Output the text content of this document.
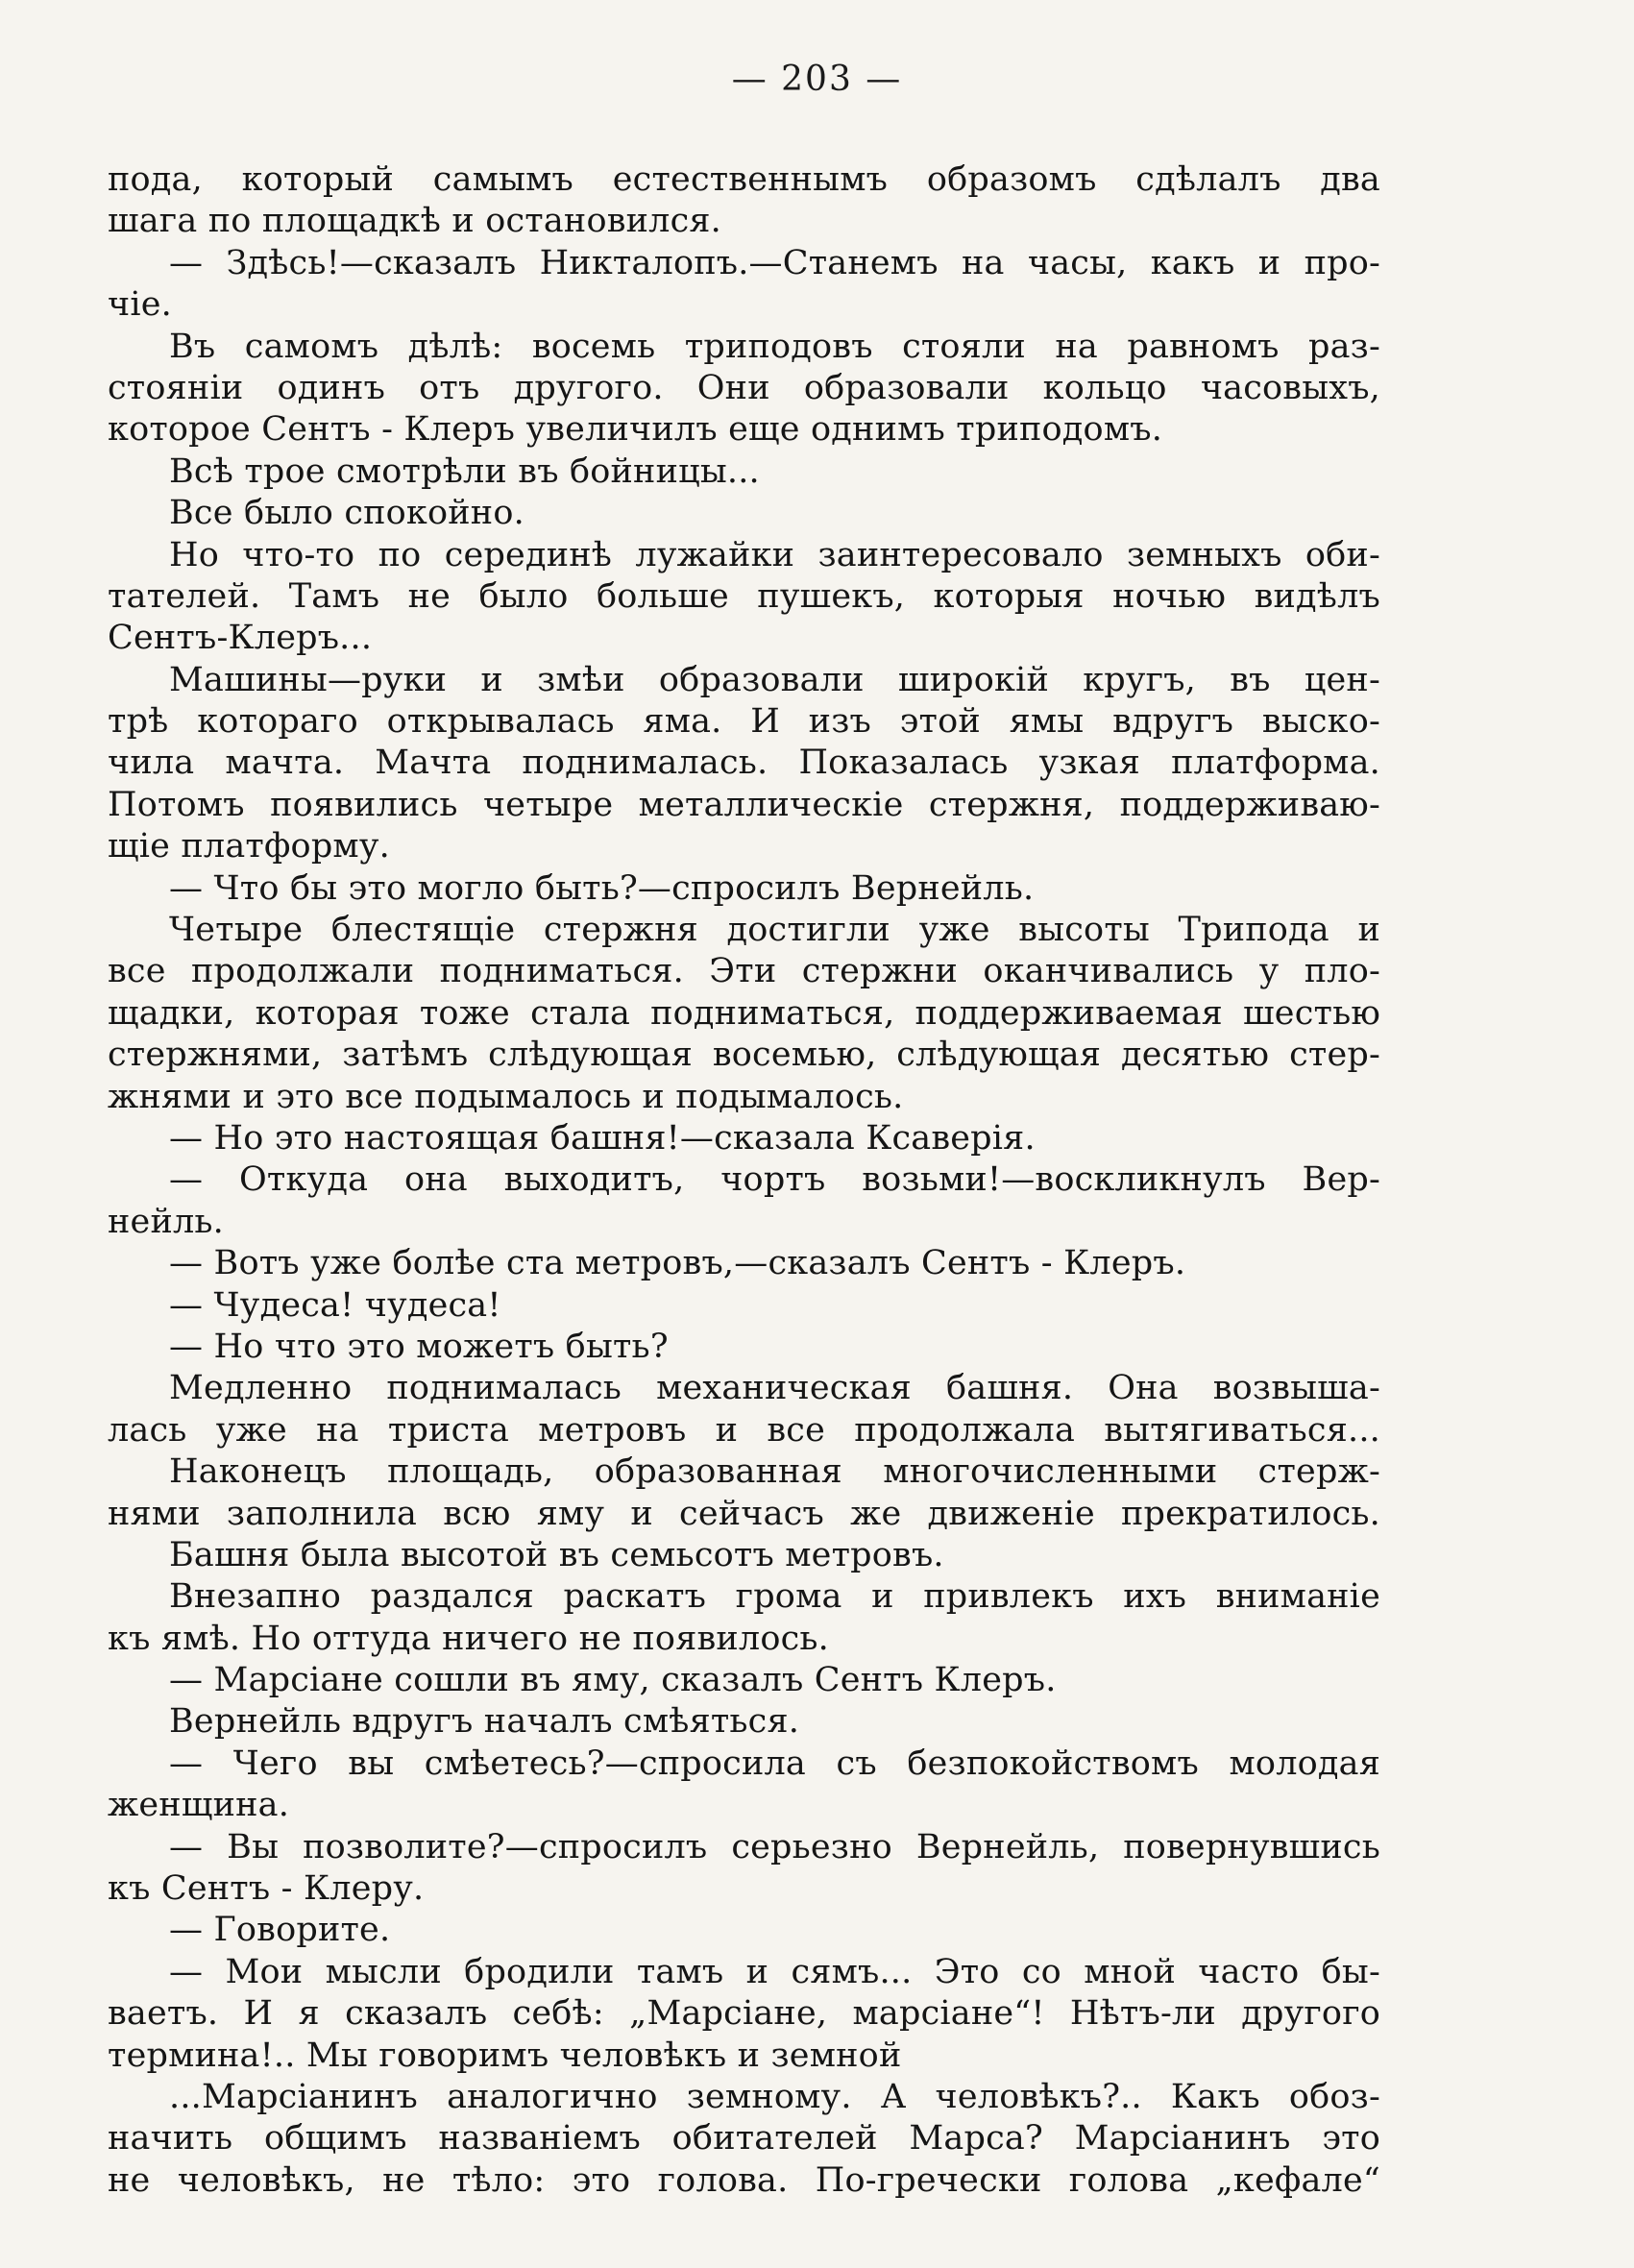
— 203 —
пода, который самымъ естественнымъ образомъ сдѣлалъ два
шага по площадкѣ и остановился.
— Здѣсь!—сказалъ Никталопъ.—Станемъ на часы, какъ и про-
чіе.
Въ самомъ дѣлѣ: восемь триподовъ стояли на равномъ раз-
стояніи одинъ отъ другого. Они образовали кольцо часовыхъ,
которое Сентъ - Клеръ увеличилъ еще однимъ триподомъ.
Всѣ трое смотрѣли въ бойницы...
Все было спокойно.
Но что-то по серединѣ лужайки заинтересовало земныхъ оби-
тателей. Тамъ не было больше пушекъ, которыя ночью видѣлъ
Сентъ-Клеръ...
Машины—руки и змѣи образовали широкій кругъ, въ цен-
трѣ котораго открывалась яма. И изъ этой ямы вдругъ выско-
чила мачта. Мачта поднималась. Показалась узкая платформа.
Потомъ появились четыре металлическіе стержня, поддерживаю-
щіе платформу.
— Что бы это могло быть?—спросилъ Вернейль.
Четыре блестящіе стержня достигли уже высоты Трипода и
все продолжали подниматься. Эти стержни оканчивались у пло-
щадки, которая тоже стала подниматься, поддерживаемая шестью
стержнями, затѣмъ слѣдующая восемью, слѣдующая десятью стер-
жнями и это все подымалось и подымалось.
— Но это настоящая башня!—сказала Ксаверія.
— Откуда она выходитъ, чортъ возьми!—воскликнулъ Вер-
нейль.
— Вотъ уже болѣе ста метровъ,—сказалъ Сентъ - Клеръ.
— Чудеса! чудеса!
— Но что это можетъ быть?
Медленно поднималась механическая башня. Она возвыша-
лась уже на триста метровъ и все продолжала вытягиваться...
Наконецъ площадь, образованная многочисленными стерж-
нями заполнила всю яму и сейчасъ же движеніе прекратилось.
Башня была высотой въ семьсотъ метровъ.
Внезапно раздался раскатъ грома и привлекъ ихъ вниманіе
къ ямѣ. Но оттуда ничего не появилось.
— Марсіане сошли въ яму, сказалъ Сентъ Клеръ.
Вернейль вдругъ началъ смѣяться.
— Чего вы смѣетесь?—спросила съ безпокойствомъ молодая
женщина.
— Вы позволите?—спросилъ серьезно Вернейль, повернувшись
къ Сентъ - Клеру.
— Говорите.
— Мои мысли бродили тамъ и сямъ... Это со мной часто бы-
ваетъ. И я сказалъ себѣ: „Марсіане, марсіане“! Нѣтъ-ли другого
термина!.. Мы говоримъ человѣкъ и земной
...Марсіанинъ аналогично земному. А человѣкъ?.. Какъ обоз-
начить общимъ названіемъ обитателей Марса? Марсіанинъ это
не человѣкъ, не тѣло: это голова. По-гречески голова „кефале“
